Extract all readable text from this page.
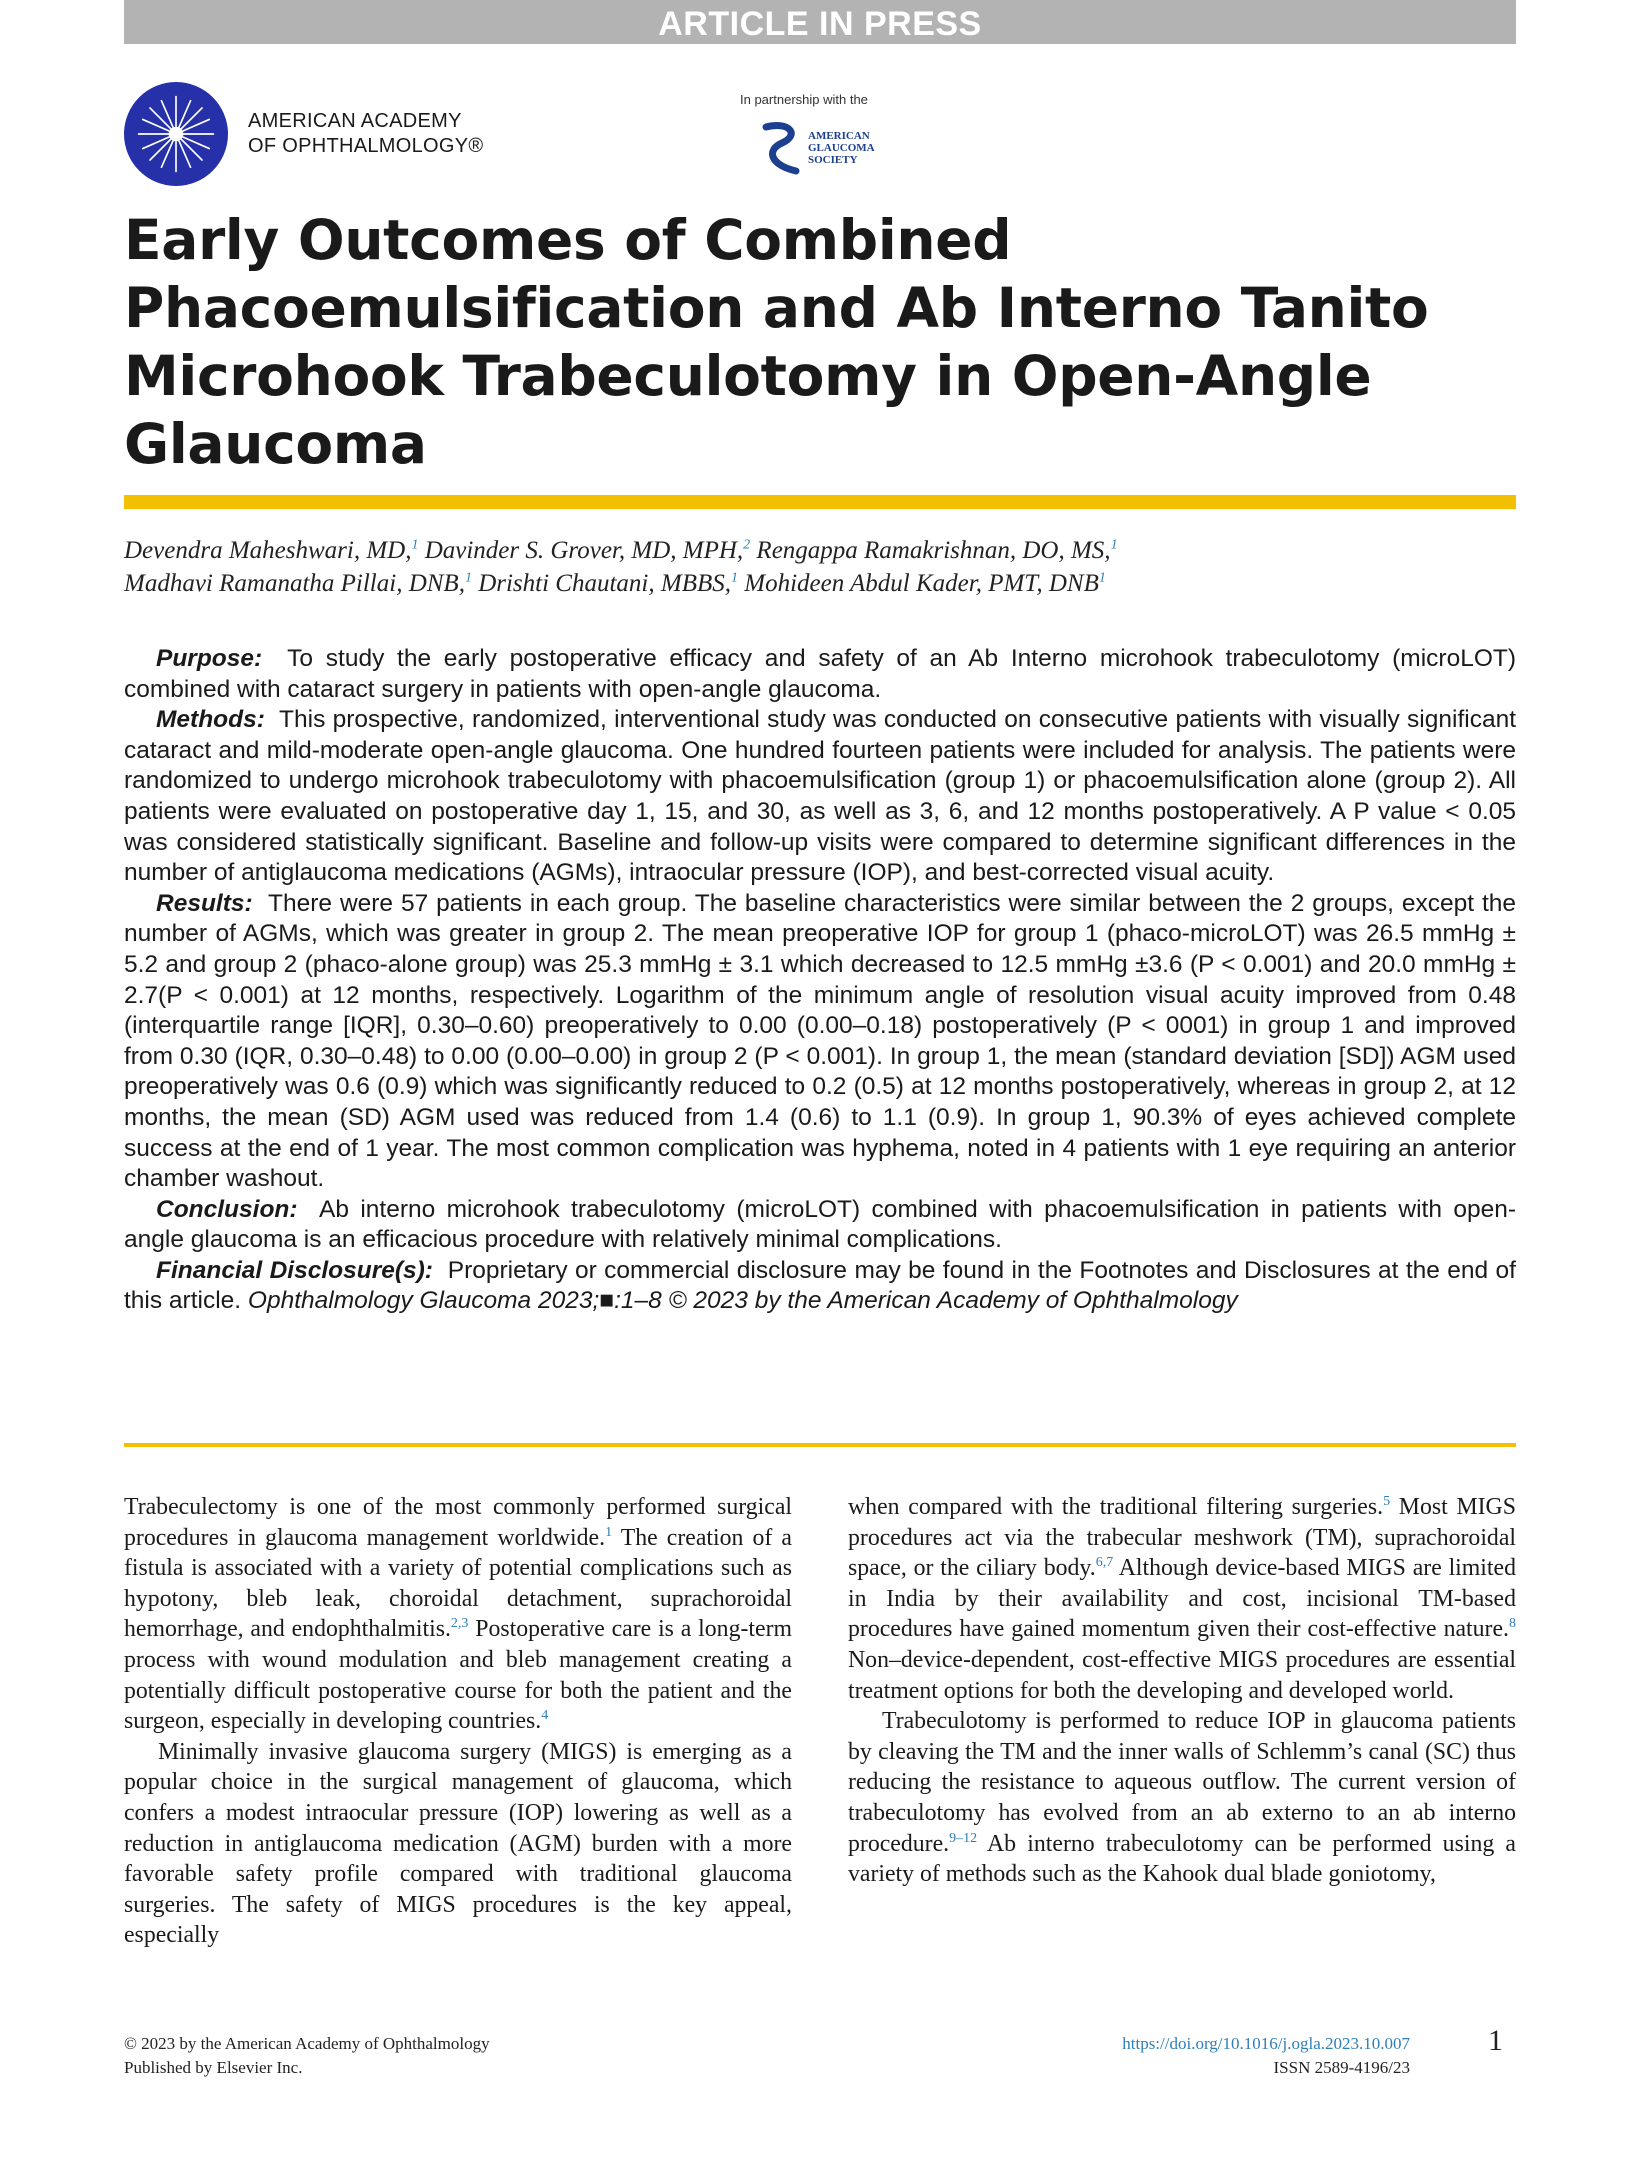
ARTICLE IN PRESS
AMERICAN ACADEMY
OF OPHTHALMOLOGY®
In partnership with the
AMERICAN
GLAUCOMA
SOCIETY
Early Outcomes of Combined Phacoemulsification and Ab Interno Tanito Microhook Trabeculotomy in Open-Angle Glaucoma
Devendra Maheshwari, MD,$^1$ Davinder S. Grover, MD, MPH,$^2$ Rengappa Ramakrishnan, DO, MS,$^1$
Madhavi Ramanatha Pillai, DNB,$^1$ Drishti Chautani, MBBS,$^1$ Mohideen Abdul Kader, PMT, DNB$^1$

Purpose: To study the early postoperative efficacy and safety of an Ab Interno microhook trabeculotomy (microLOT) combined with cataract surgery in patients with open-angle glaucoma.

Methods: This prospective, randomized, interventional study was conducted on consecutive patients with visually significant cataract and mild-moderate open-angle glaucoma. One hundred fourteen patients were included for analysis. The patients were randomized to undergo microhook trabeculotomy with phacoemulsification (group 1) or phacoemulsification alone (group 2). All patients were evaluated on postoperative day 1, 15, and 30, as well as 3, 6, and 12 months postoperatively. A P value < 0.05 was considered statistically significant. Baseline and follow-up visits were compared to determine significant differences in the number of antiglaucoma medications (AGMs), intraocular pressure (IOP), and best-corrected visual acuity.

Results: There were 57 patients in each group. The baseline characteristics were similar between the 2 groups, except the number of AGMs, which was greater in group 2. The mean preoperative IOP for group 1 (phaco-microLOT) was 26.5 mmHg ± 5.2 and group 2 (phaco-alone group) was 25.3 mmHg ± 3.1 which decreased to 12.5 mmHg ±3.6 (P < 0.001) and 20.0 mmHg ± 2.7(P < 0.001) at 12 months, respectively. Logarithm of the minimum angle of resolution visual acuity improved from 0.48 (interquartile range [IQR], 0.30–0.60) preoperatively to 0.00 (0.00–0.18) postoperatively (P < 0001) in group 1 and improved from 0.30 (IQR, 0.30–0.48) to 0.00 (0.00–0.00) in group 2 (P < 0.001). In group 1, the mean (standard deviation [SD]) AGM used preoperatively was 0.6 (0.9) which was significantly reduced to 0.2 (0.5) at 12 months postoperatively, whereas in group 2, at 12 months, the mean (SD) AGM used was reduced from 1.4 (0.6) to 1.1 (0.9). In group 1, 90.3% of eyes achieved complete success at the end of 1 year. The most common complication was hyphema, noted in 4 patients with 1 eye requiring an anterior chamber washout.

Conclusion: Ab interno microhook trabeculotomy (microLOT) combined with phacoemulsification in patients with open-angle glaucoma is an efficacious procedure with relatively minimal complications.

Financial Disclosure(s): Proprietary or commercial disclosure may be found in the Footnotes and Disclosures at the end of this article. Ophthalmology Glaucoma 2023;■:1–8 © 2023 by the American Academy of Ophthalmology

Trabeculectomy is one of the most commonly performed surgical procedures in glaucoma management worldwide.$^1$ The creation of a fistula is associated with a variety of potential complications such as hypotony, bleb leak, choroidal detachment, suprachoroidal hemorrhage, and endophthalmitis.$^{2,3}$ Postoperative care is a long-term process with wound modulation and bleb management creating a potentially difficult postoperative course for both the patient and the surgeon, especially in developing countries.$^4$

Minimally invasive glaucoma surgery (MIGS) is emerging as a popular choice in the surgical management of glaucoma, which confers a modest intraocular pressure (IOP) lowering as well as a reduction in antiglaucoma medication (AGM) burden with a more favorable safety profile compared with traditional glaucoma surgeries. The safety of MIGS procedures is the key appeal, especially

when compared with the traditional filtering surgeries.$^5$ Most MIGS procedures act via the trabecular meshwork (TM), suprachoroidal space, or the ciliary body.$^{6,7}$ Although device-based MIGS are limited in India by their availability and cost, incisional TM-based procedures have gained momentum given their cost-effective nature.$^8$ Non–device-dependent, cost-effective MIGS procedures are essential treatment options for both the developing and developed world.

Trabeculotomy is performed to reduce IOP in glaucoma patients by cleaving the TM and the inner walls of Schlemm’s canal (SC) thus reducing the resistance to aqueous outflow. The current version of trabeculotomy has evolved from an ab externo to an ab interno procedure.$^{9-12}$ Ab interno trabeculotomy can be performed using a variety of methods such as the Kahook dual blade goniotomy,

© 2023 by the American Academy of Ophthalmology
Published by Elsevier Inc.
https://doi.org/10.1016/j.ogla.2023.10.007
ISSN 2589-4196/23
1
